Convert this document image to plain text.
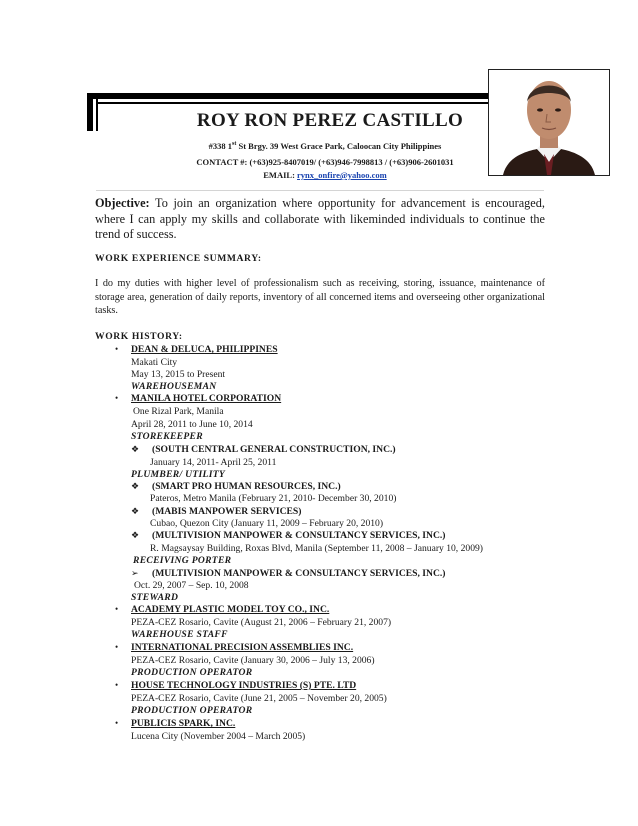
ROY RON PEREZ CASTILLO
#338 1st St Brgy. 39 West Grace Park, Caloocan City Philippines
CONTACT #: (+63)925-8407019/ (+63)946-7998813 / (+63)906-2601031
EMAIL: rynx_onfire@yahoo.com
Objective: To join an organization where opportunity for advancement is encouraged, where I can apply my skills and collaborate with likeminded individuals to continue the trend of success.
WORK EXPERIENCE SUMMARY:
I do my duties with higher level of professionalism such as receiving, storing, issuance, maintenance of storage area, generation of daily reports, inventory of all concerned items and overseeing other organizational tasks.
WORK HISTORY:
• DEAN & DELUCA, PHILIPPINES
Makati City
May 13, 2015 to Present
WAREHOUSEMAN
• MANILA HOTEL CORPORATION
One Rizal Park, Manila
April 28, 2011 to June 10, 2014
STOREKEEPER
❖ (SOUTH CENTRAL GENERAL CONSTRUCTION, INC.)
January 14, 2011- April 25, 2011
PLUMBER/ UTILITY
❖ (SMART PRO HUMAN RESOURCES, INC.)
Pateros, Metro Manila (February 21, 2010- December 30, 2010)
❖ (MABIS MANPOWER SERVICES)
Cubao, Quezon City (January 11, 2009 – February 20, 2010)
❖ (MULTIVISION MANPOWER & CONSULTANCY SERVICES, INC.)
R. Magsaysay Building, Roxas Blvd, Manila (September 11, 2008 – January 10, 2009)
RECEIVING PORTER
➢ (MULTIVISION MANPOWER & CONSULTANCY SERVICES, INC.)
Oct. 29, 2007 – Sep. 10, 2008
STEWARD
• ACADEMY PLASTIC MODEL TOY CO., INC.
PEZA-CEZ Rosario, Cavite (August 21, 2006 – February 21, 2007)
WAREHOUSE STAFF
• INTERNATIONAL PRECISION ASSEMBLIES INC.
PEZA-CEZ Rosario, Cavite (January 30, 2006 – July 13, 2006)
PRODUCTION OPERATOR
• HOUSE TECHNOLOGY INDUSTRIES (S) PTE. LTD
PEZA-CEZ Rosario, Cavite (June 21, 2005 – November 20, 2005)
PRODUCTION OPERATOR
• PUBLICIS SPARK, INC.
Lucena City (November 2004 – March 2005)
